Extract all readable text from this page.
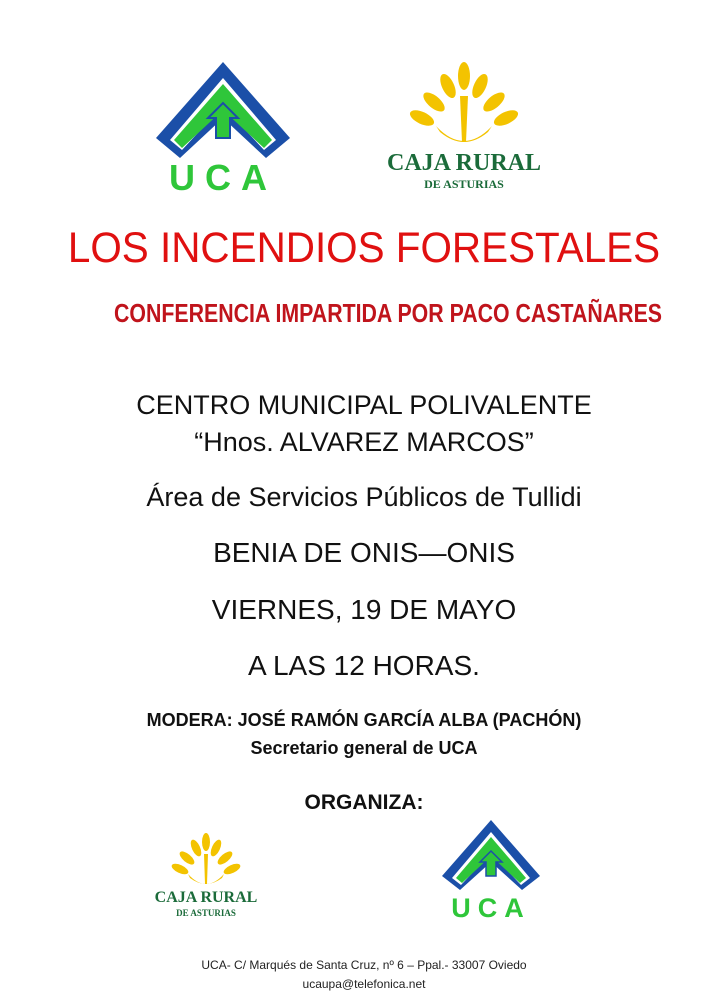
UCA	CAJA RURAL
DE ASTURIAS
LOS INCENDIOS FORESTALES
CONFERENCIA IMPARTIDA POR PACO CASTAÑARES
CENTRO MUNICIPAL POLIVALENTE
“Hnos. ALVAREZ MARCOS”
Área de Servicios Públicos de Tullidi
BENIA DE ONIS—ONIS
VIERNES, 19 DE MAYO
A LAS 12 HORAS.
MODERA: JOSÉ RAMÓN GARCÍA ALBA (PACHÓN)
Secretario general de UCA
ORGANIZA:
CAJA RURAL
DE ASTURIAS	UCA
UCA- C/ Marqués de Santa Cruz, nº 6 – Ppal.- 33007 Oviedo
ucaupa@telefonica.net
